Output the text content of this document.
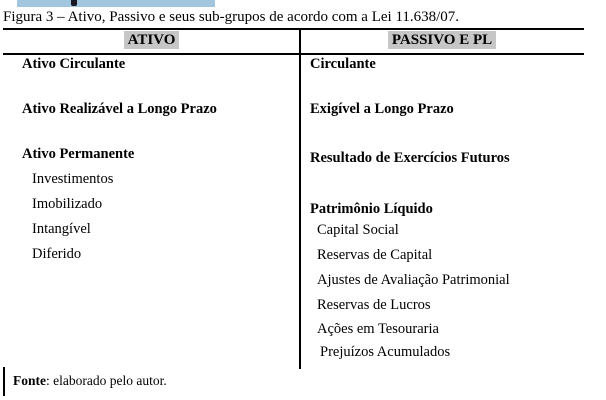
Figura 3 – Ativo, Passivo e seus sub-grupos de acordo com a Lei 11.638/07.
ATIVO	PASSIVO E PL
Ativo Circulante
Ativo Realizável a Longo Prazo
Ativo Permanente
Investimentos
Imobilizado
Intangível
Diferido
Circulante
Exigível a Longo Prazo
Resultado de Exercícios Futuros
Patrimônio Líquido
Capital Social
Reservas de Capital
Ajustes de Avaliação Patrimonial
Reservas de Lucros
Ações em Tesouraria
Prejuízos Acumulados
Fonte: elaborado pelo autor.
